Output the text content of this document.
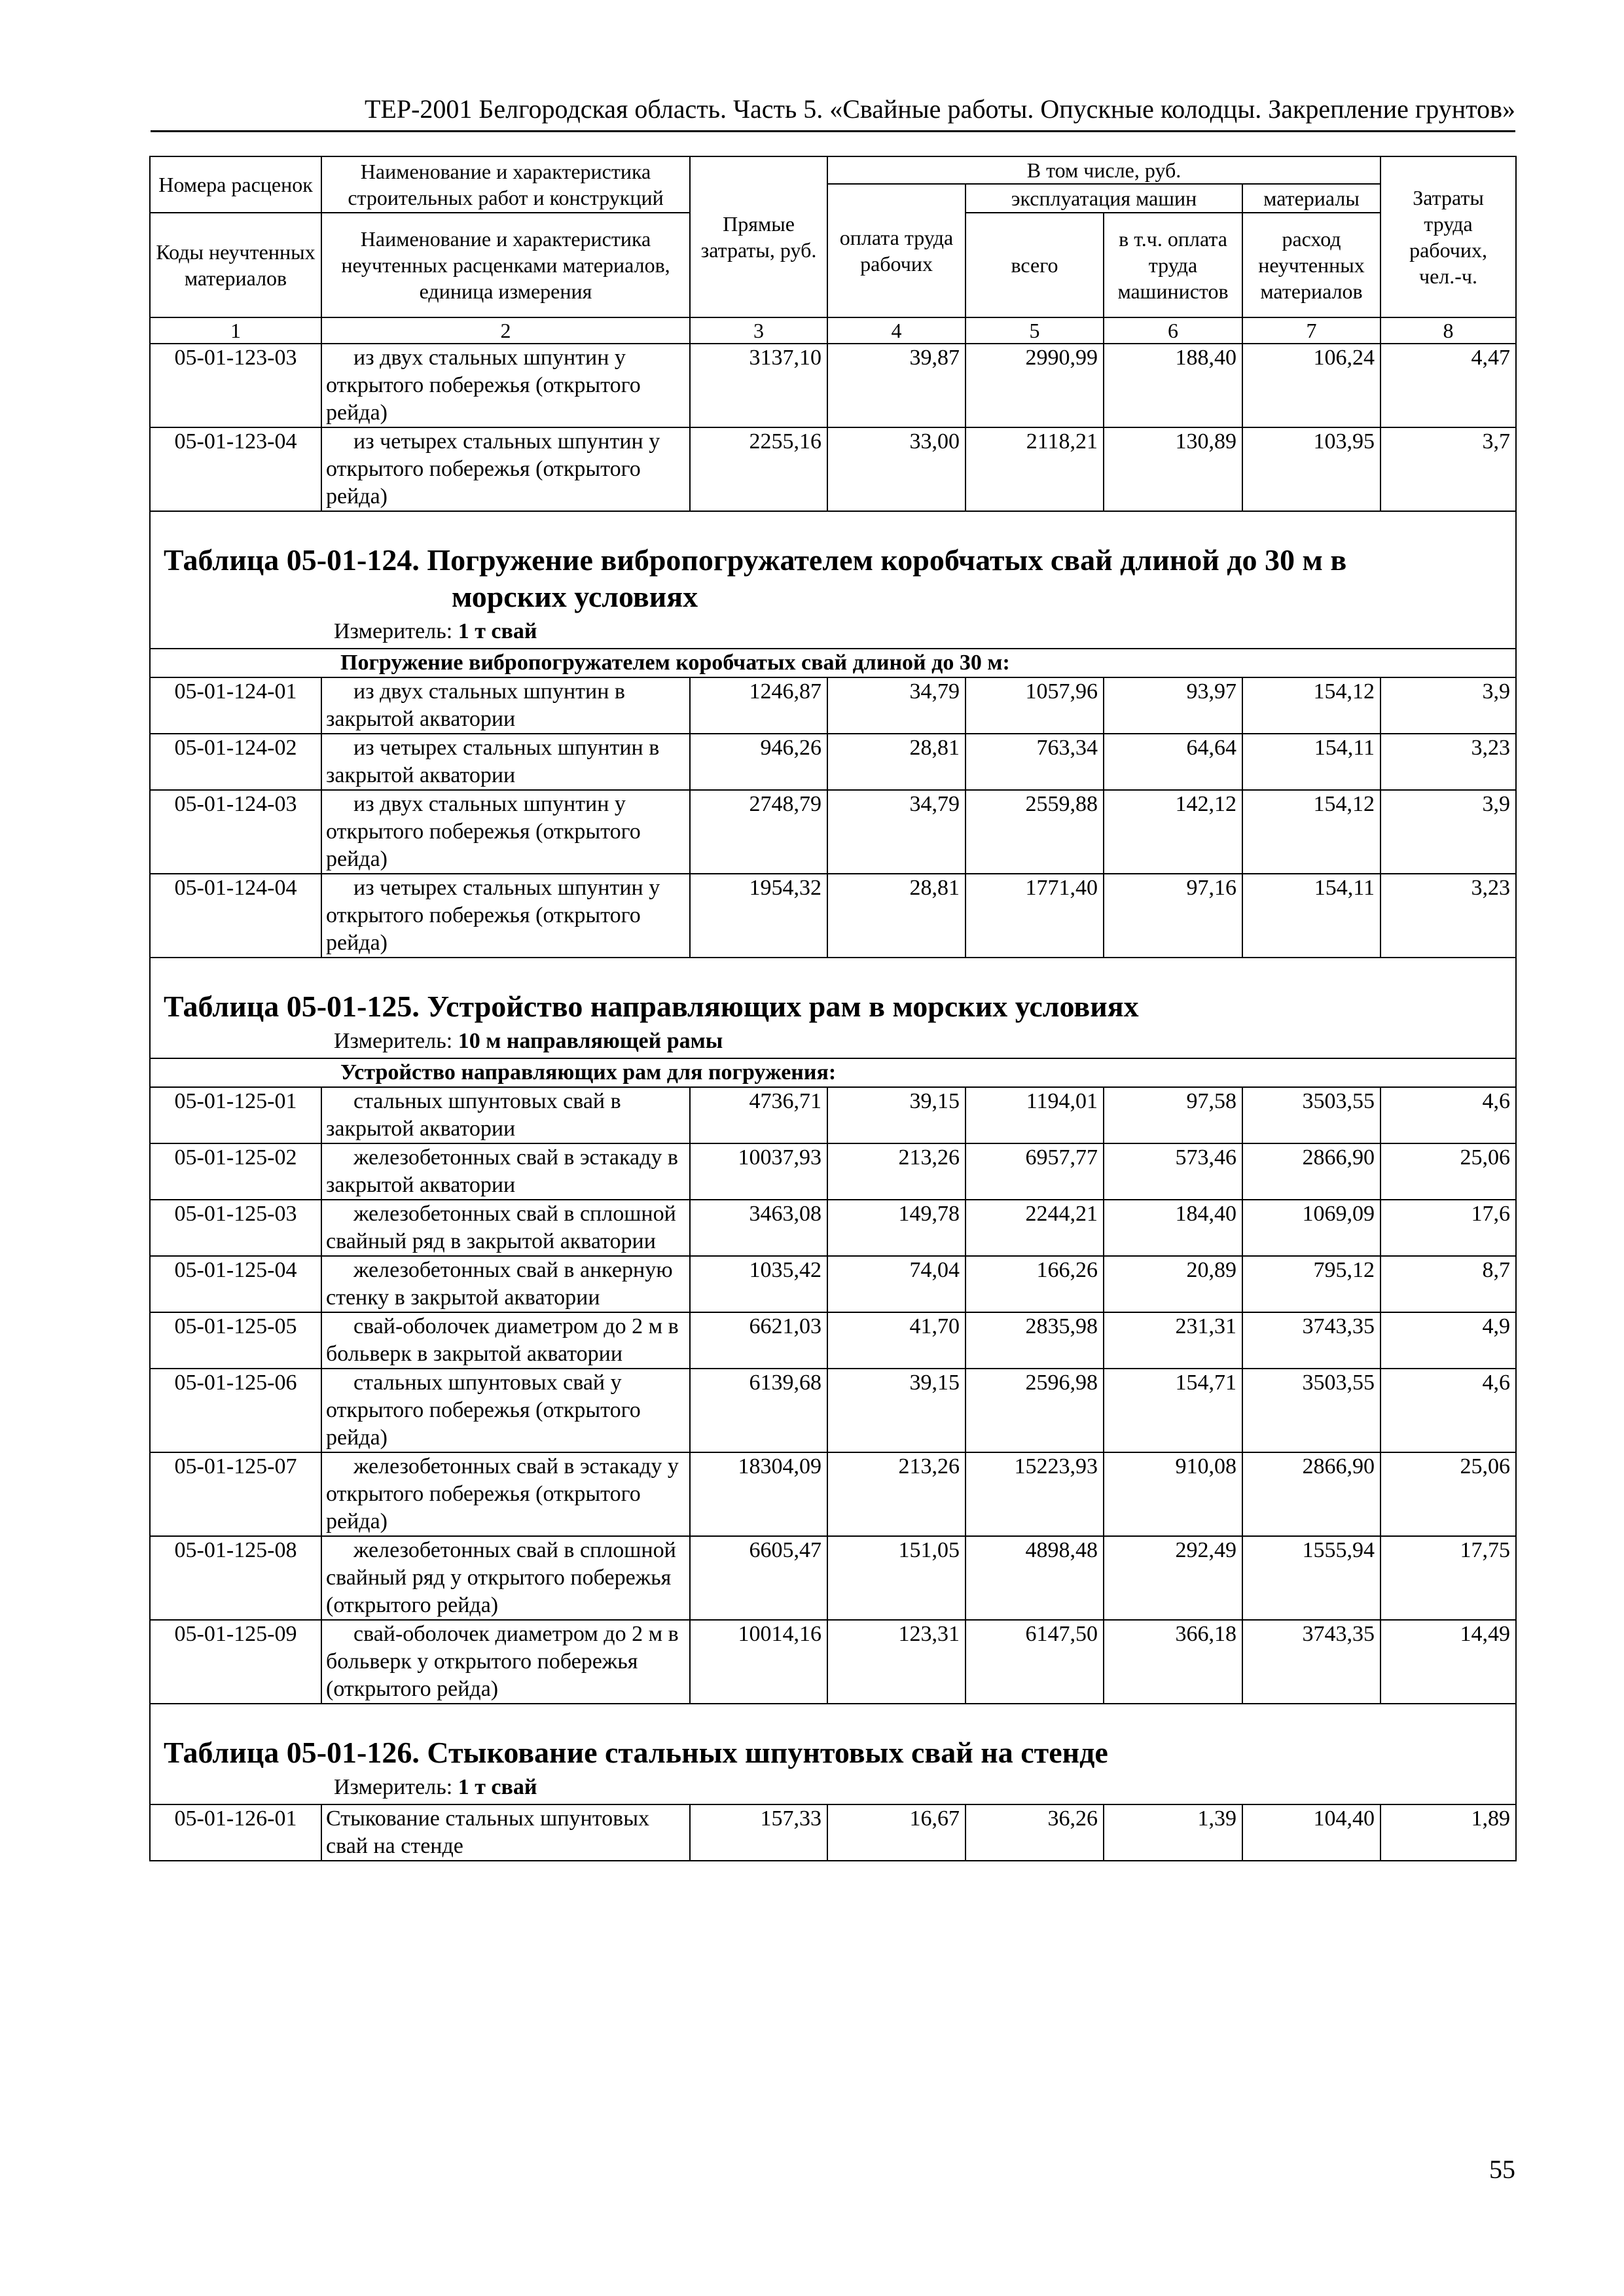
ТЕР-2001 Белгородская область. Часть 5. «Свайные работы. Опускные колодцы. Закрепление грунтов»
Номера расценок	Наименование и характеристика строительных работ и конструкций	Прямые затраты, руб.	В том числе, руб.				Затраты труда рабочих, чел.-ч.
			оплата труда рабочих	эксплуатация машин		материалы	
Коды неучтенных материалов	Наименование и характеристика неучтенных расценками материалов, единица измерения			всего	в т.ч. оплата труда машинистов	расход неучтенных материалов	

1	2	3	4	5	6	7	8
05-01-123-03	из двух стальных шпунтин у открытого побережья (открытого рейда)	3137,10	39,87	2990,99	188,40	106,24	4,47
05-01-123-04	из четырех стальных шпунтин у открытого побережья (открытого рейда)	2255,16	33,00	2118,21	130,89	103,95	3,7

Таблица 05-01-124. Погружение вибропогружателем коробчатых свай длиной до 30 м в
морских условиях
Измеритель: 1 т свай							

Погружение вибропогружателем коробчатых свай длиной до 30 м:							
05-01-124-01	из двух стальных шпунтин в закрытой акватории	1246,87	34,79	1057,96	93,97	154,12	3,9
05-01-124-02	из четырех стальных шпунтин в закрытой акватории	946,26	28,81	763,34	64,64	154,11	3,23
05-01-124-03	из двух стальных шпунтин у открытого побережья (открытого рейда)	2748,79	34,79	2559,88	142,12	154,12	3,9
05-01-124-04	из четырех стальных шпунтин у открытого побережья (открытого рейда)	1954,32	28,81	1771,40	97,16	154,11	3,23

Таблица 05-01-125. Устройство направляющих рам в морских условиях
Измеритель: 10 м направляющей рамы							

Устройство направляющих рам для погружения:							
05-01-125-01	стальных шпунтовых свай в закрытой акватории	4736,71	39,15	1194,01	97,58	3503,55	4,6
05-01-125-02	железобетонных свай в эстакаду в закрытой акватории	10037,93	213,26	6957,77	573,46	2866,90	25,06
05-01-125-03	железобетонных свай в сплошной свайный ряд в закрытой акватории	3463,08	149,78	2244,21	184,40	1069,09	17,6
05-01-125-04	железобетонных свай в анкерную стенку в закрытой акватории	1035,42	74,04	166,26	20,89	795,12	8,7
05-01-125-05	свай-оболочек диаметром до 2 м в больверк в закрытой акватории	6621,03	41,70	2835,98	231,31	3743,35	4,9
05-01-125-06	стальных шпунтовых свай у открытого побережья (открытого рейда)	6139,68	39,15	2596,98	154,71	3503,55	4,6
05-01-125-07	железобетонных свай в эстакаду у открытого побережья (открытого рейда)	18304,09	213,26	15223,93	910,08	2866,90	25,06
05-01-125-08	железобетонных свай в сплошной свайный ряд у открытого побережья (открытого рейда)	6605,47	151,05	4898,48	292,49	1555,94	17,75
05-01-125-09	свай-оболочек диаметром до 2 м в больверк у открытого побережья (открытого рейда)	10014,16	123,31	6147,50	366,18	3743,35	14,49

Таблица 05-01-126. Стыкование стальных шпунтовых свай на стенде
Измеритель: 1 т свай							

05-01-126-01	Стыкование стальных шпунтовых свай на стенде	157,33	16,67	36,26	1,39	104,40	1,89
55
